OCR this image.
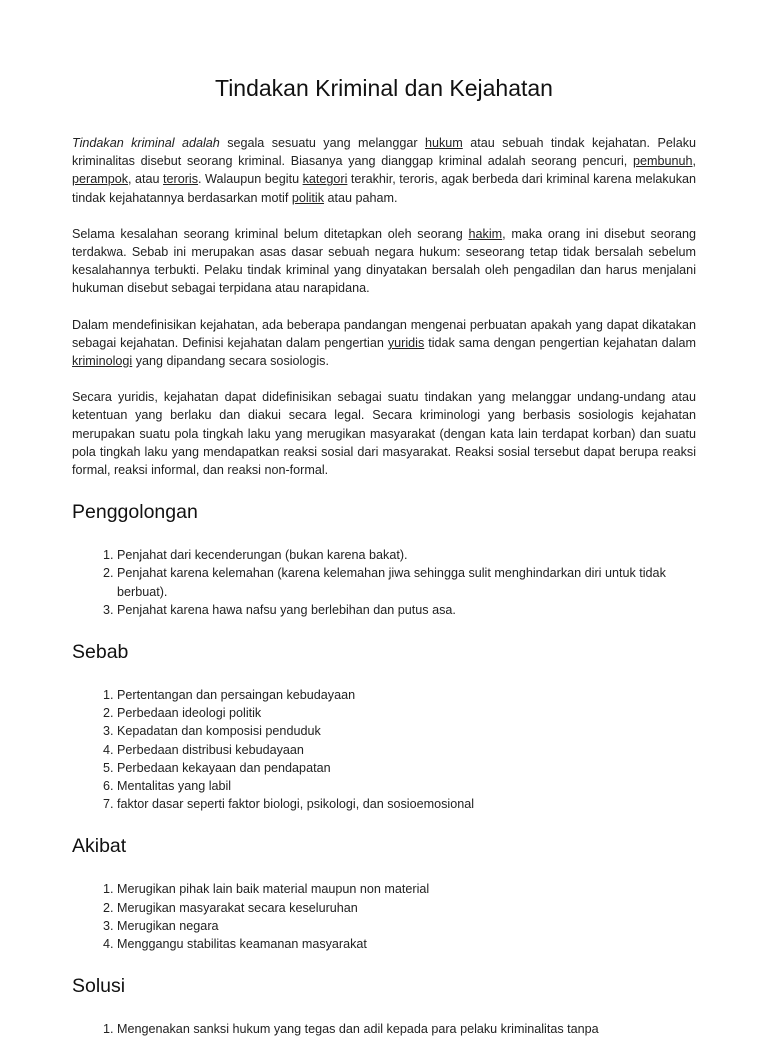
Tindakan Kriminal dan Kejahatan

Tindakan kriminal adalah segala sesuatu yang melanggar hukum atau sebuah tindak kejahatan. Pelaku kriminalitas disebut seorang kriminal. Biasanya yang dianggap kriminal adalah seorang pencuri, pembunuh, perampok, atau teroris. Walaupun begitu kategori terakhir, teroris, agak berbeda dari kriminal karena melakukan tindak kejahatannya berdasarkan motif politik atau paham.

Selama kesalahan seorang kriminal belum ditetapkan oleh seorang hakim, maka orang ini disebut seorang terdakwa. Sebab ini merupakan asas dasar sebuah negara hukum: seseorang tetap tidak bersalah sebelum kesalahannya terbukti. Pelaku tindak kriminal yang dinyatakan bersalah oleh pengadilan dan harus menjalani hukuman disebut sebagai terpidana atau narapidana.

Dalam mendefinisikan kejahatan, ada beberapa pandangan mengenai perbuatan apakah yang dapat dikatakan sebagai kejahatan. Definisi kejahatan dalam pengertian yuridis tidak sama dengan pengertian kejahatan dalam kriminologi yang dipandang secara sosiologis.

Secara yuridis, kejahatan dapat didefinisikan sebagai suatu tindakan yang melanggar undang-undang atau ketentuan yang berlaku dan diakui secara legal. Secara kriminologi yang berbasis sosiologis kejahatan merupakan suatu pola tingkah laku yang merugikan masyarakat (dengan kata lain terdapat korban) dan suatu pola tingkah laku yang mendapatkan reaksi sosial dari masyarakat. Reaksi sosial tersebut dapat berupa reaksi formal, reaksi informal, dan reaksi non-formal.

Penggolongan
1. Penjahat dari kecenderungan (bukan karena bakat).
2. Penjahat karena kelemahan (karena kelemahan jiwa sehingga sulit menghindarkan diri untuk tidak berbuat).
3. Penjahat karena hawa nafsu yang berlebihan dan putus asa.
Sebab
1. Pertentangan dan persaingan kebudayaan
2. Perbedaan ideologi politik
3. Kepadatan dan komposisi penduduk
4. Perbedaan distribusi kebudayaan
5. Perbedaan kekayaan dan pendapatan
6. Mentalitas yang labil
7. faktor dasar seperti faktor biologi, psikologi, dan sosioemosional
Akibat
1. Merugikan pihak lain baik material maupun non material
2. Merugikan masyarakat secara keseluruhan
3. Merugikan negara
4. Menggangu stabilitas keamanan masyarakat
Solusi
1. Mengenakan sanksi hukum yang tegas dan adil kepada para pelaku kriminalitas tanpa
